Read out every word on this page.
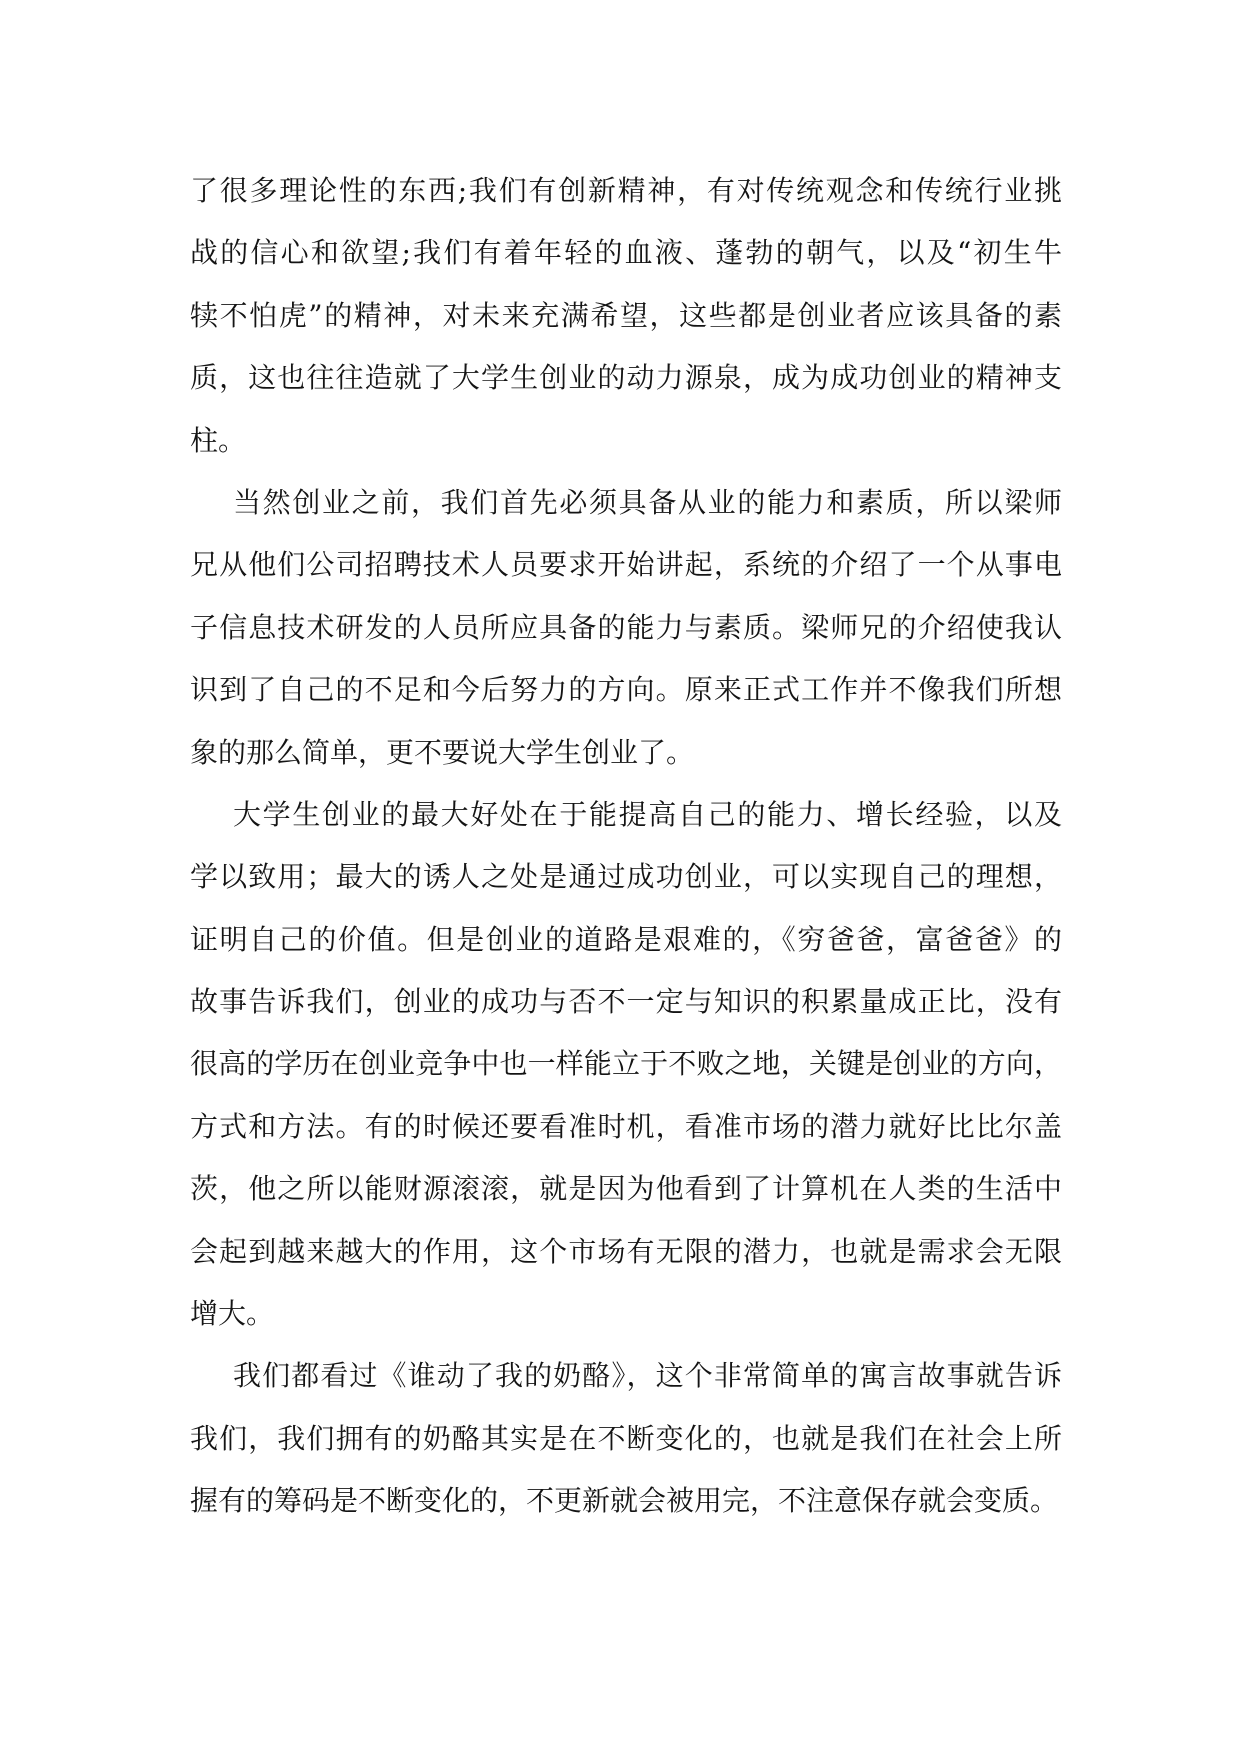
了很多理论性的东西;我们有创新精神，有对传统观念和传统行业挑
战的信心和欲望;我们有着年轻的血液、蓬勃的朝气，以及“初生牛
犊不怕虎”的精神，对未来充满希望，这些都是创业者应该具备的素
质，这也往往造就了大学生创业的动力源泉，成为成功创业的精神支
柱。
当然创业之前，我们首先必须具备从业的能力和素质，所以梁师
兄从他们公司招聘技术人员要求开始讲起，系统的介绍了一个从事电
子信息技术研发的人员所应具备的能力与素质。梁师兄的介绍使我认
识到了自己的不足和今后努力的方向。原来正式工作并不像我们所想
象的那么简单，更不要说大学生创业了。
大学生创业的最大好处在于能提高自己的能力、增长经验，以及
学以致用；最大的诱人之处是通过成功创业，可以实现自己的理想，
证明自己的价值。但是创业的道路是艰难的，《穷爸爸，富爸爸》的
故事告诉我们，创业的成功与否不一定与知识的积累量成正比，没有
很高的学历在创业竞争中也一样能立于不败之地，关键是创业的方向，
方式和方法。有的时候还要看准时机，看准市场的潜力就好比比尔盖
茨，他之所以能财源滚滚，就是因为他看到了计算机在人类的生活中
会起到越来越大的作用，这个市场有无限的潜力，也就是需求会无限
增大。
我们都看过《谁动了我的奶酪》，这个非常简单的寓言故事就告诉
我们，我们拥有的奶酪其实是在不断变化的，也就是我们在社会上所
握有的筹码是不断变化的，不更新就会被用完，不注意保存就会变质。
